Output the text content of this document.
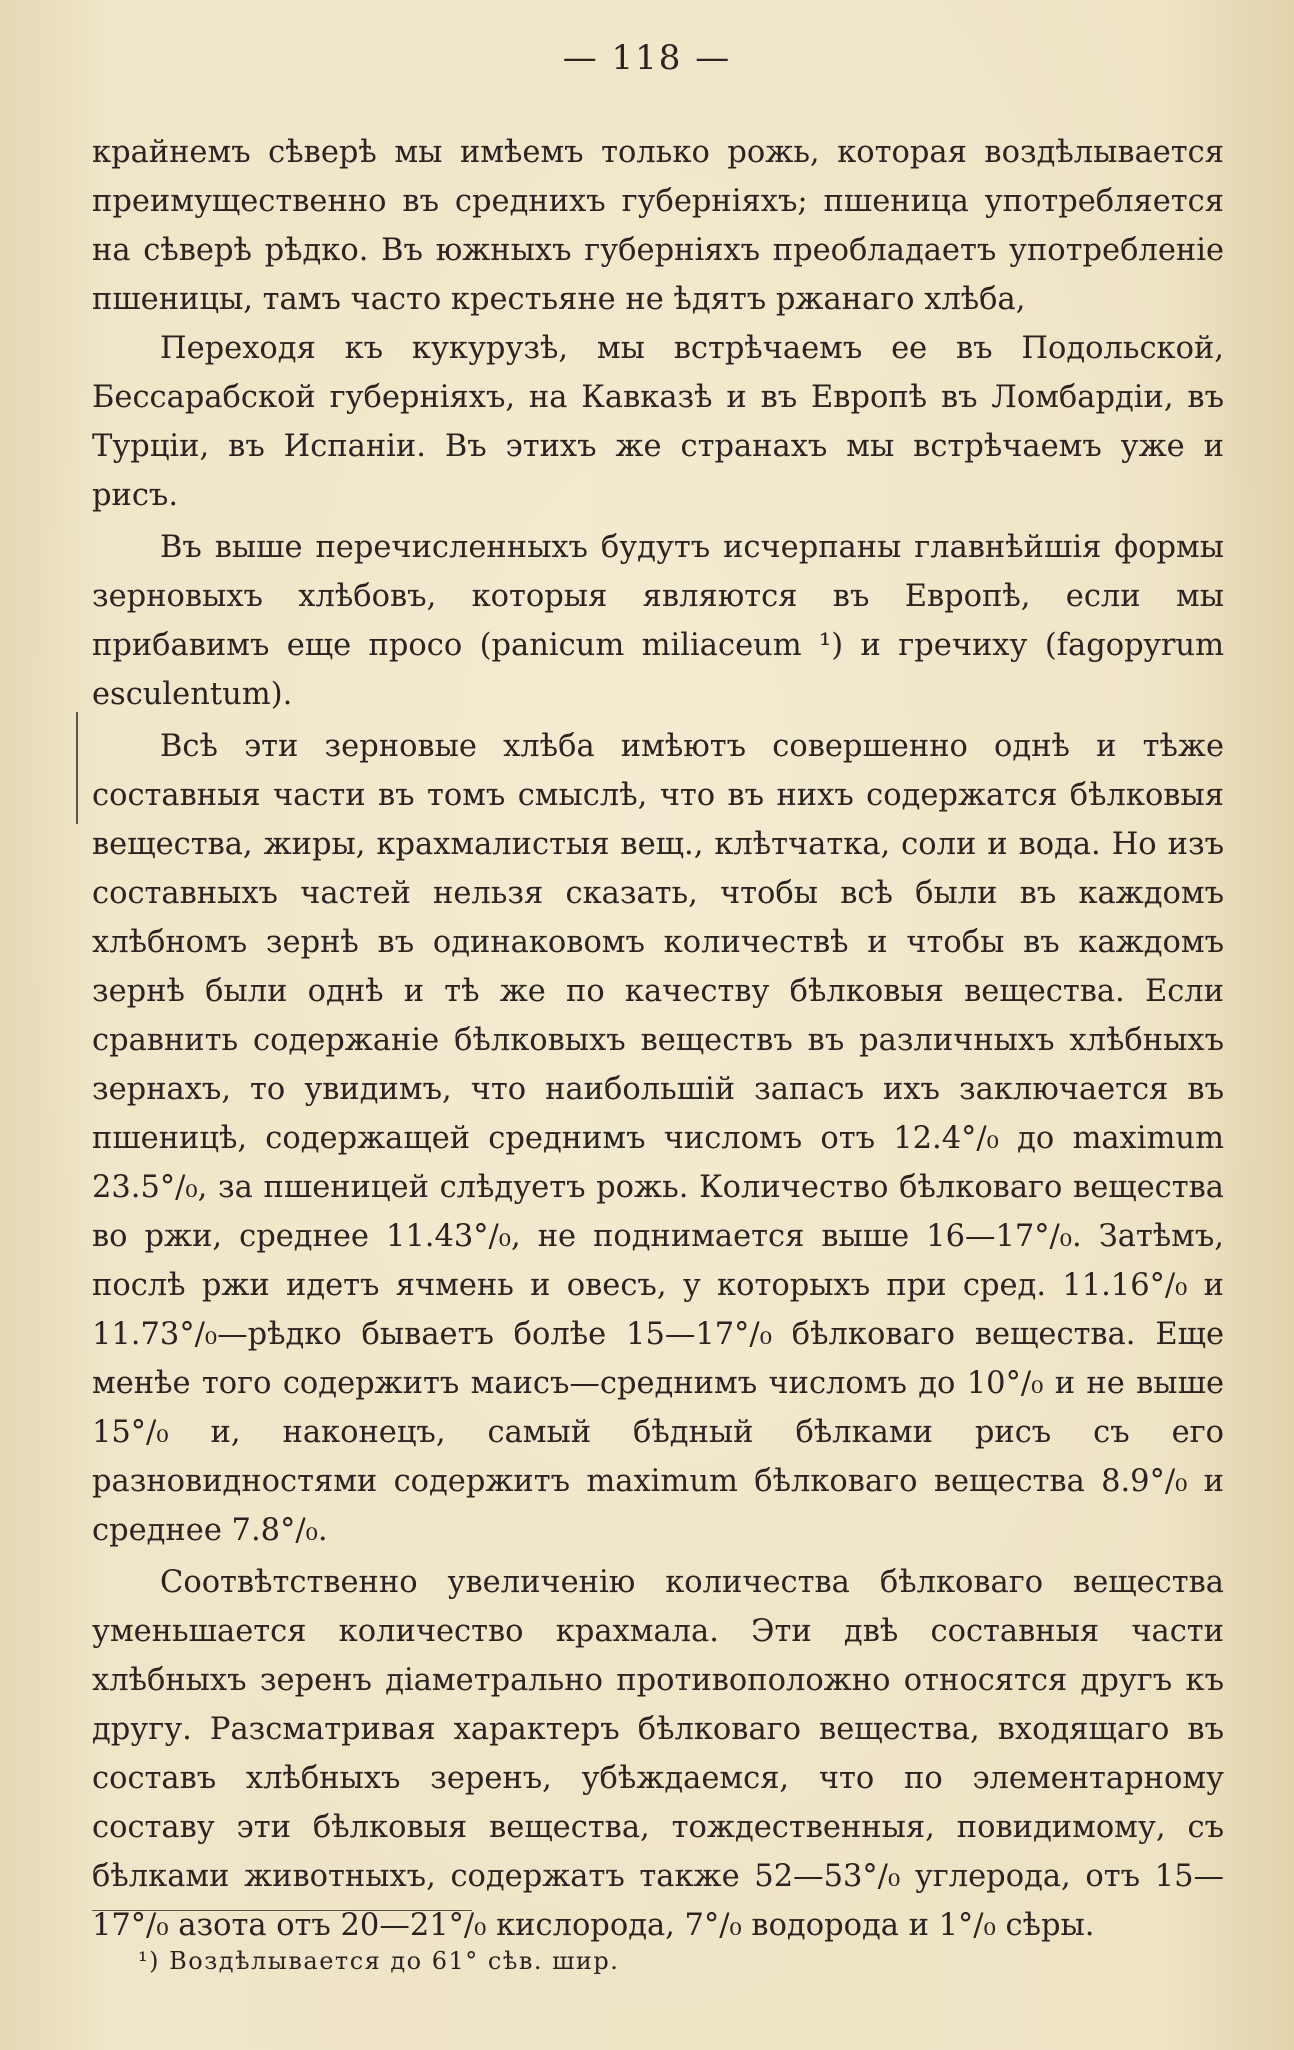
— 118 —

крайнемъ сѣверѣ мы имѣемъ только рожь, которая воздѣлывается преимущественно въ среднихъ губерніяхъ; пшеница употребляется на сѣверѣ рѣдко. Въ южныхъ губерніяхъ преобладаетъ употребленіе пшеницы, тамъ часто крестьяне не ѣдятъ ржанаго хлѣба,

Переходя къ кукурузѣ, мы встрѣчаемъ ее въ Подольской, Бессарабской губерніяхъ, на Кавказѣ и въ Европѣ въ Ломбардіи, въ Турціи, въ Испаніи. Въ этихъ же странахъ мы встрѣчаемъ уже и рисъ.

Въ выше перечисленныхъ будутъ исчерпаны главнѣйшія формы зерновыхъ хлѣбовъ, которыя являются въ Европѣ, если мы прибавимъ еще просо (panicum miliaceum ¹) и гречиху (fagopyrum esculentum).

Всѣ эти зерновые хлѣба имѣютъ совершенно однѣ и тѣже составныя части въ томъ смыслѣ, что въ нихъ содержатся бѣлковыя вещества, жиры, крахмалистыя вещ., клѣтчатка, соли и вода. Но изъ составныхъ частей нельзя сказать, чтобы всѣ были въ каждомъ хлѣбномъ зернѣ въ одинаковомъ количествѣ и чтобы въ каждомъ зернѣ были однѣ и тѣ же по качеству бѣлковыя вещества. Если сравнить содержаніе бѣлковыхъ веществъ въ различныхъ хлѣбныхъ зернахъ, то увидимъ, что наибольшій запасъ ихъ заключается въ пшеницѣ, содержащей среднимъ числомъ отъ 12.4°/₀ до maximum 23.5°/₀, за пшеницей слѣдуетъ рожь. Количество бѣлковаго вещества во ржи, среднее 11.43°/₀, не поднимается выше 16—17°/₀. Затѣмъ, послѣ ржи идетъ ячмень и овесъ, у которыхъ при сред. 11.16°/₀ и 11.73°/₀—рѣдко бываетъ болѣе 15—17°/₀ бѣлковаго вещества. Еще менѣе того содержитъ маисъ—среднимъ числомъ до 10°/₀ и не выше 15°/₀ и, наконецъ, самый бѣдный бѣлками рисъ съ его разновидностями содержитъ maximum бѣлковаго вещества 8.9°/₀ и среднее 7.8°/₀.

Соотвѣтственно увеличенію количества бѣлковаго вещества уменьшается количество крахмала. Эти двѣ составныя части хлѣбныхъ зеренъ діаметрально противоположно относятся другъ къ другу. Разсматривая характеръ бѣлковаго вещества, входящаго въ составъ хлѣбныхъ зеренъ, убѣждаемся, что по элементарному составу эти бѣлковыя вещества, тождественныя, повидимому, съ бѣлками животныхъ, содержатъ также 52—53°/₀ углерода, отъ 15—17°/₀ азота отъ 20—21°/₀ кислорода, 7°/₀ водорода и 1°/₀ сѣры.

¹) Воздѣлывается до 61° сѣв. шир.
